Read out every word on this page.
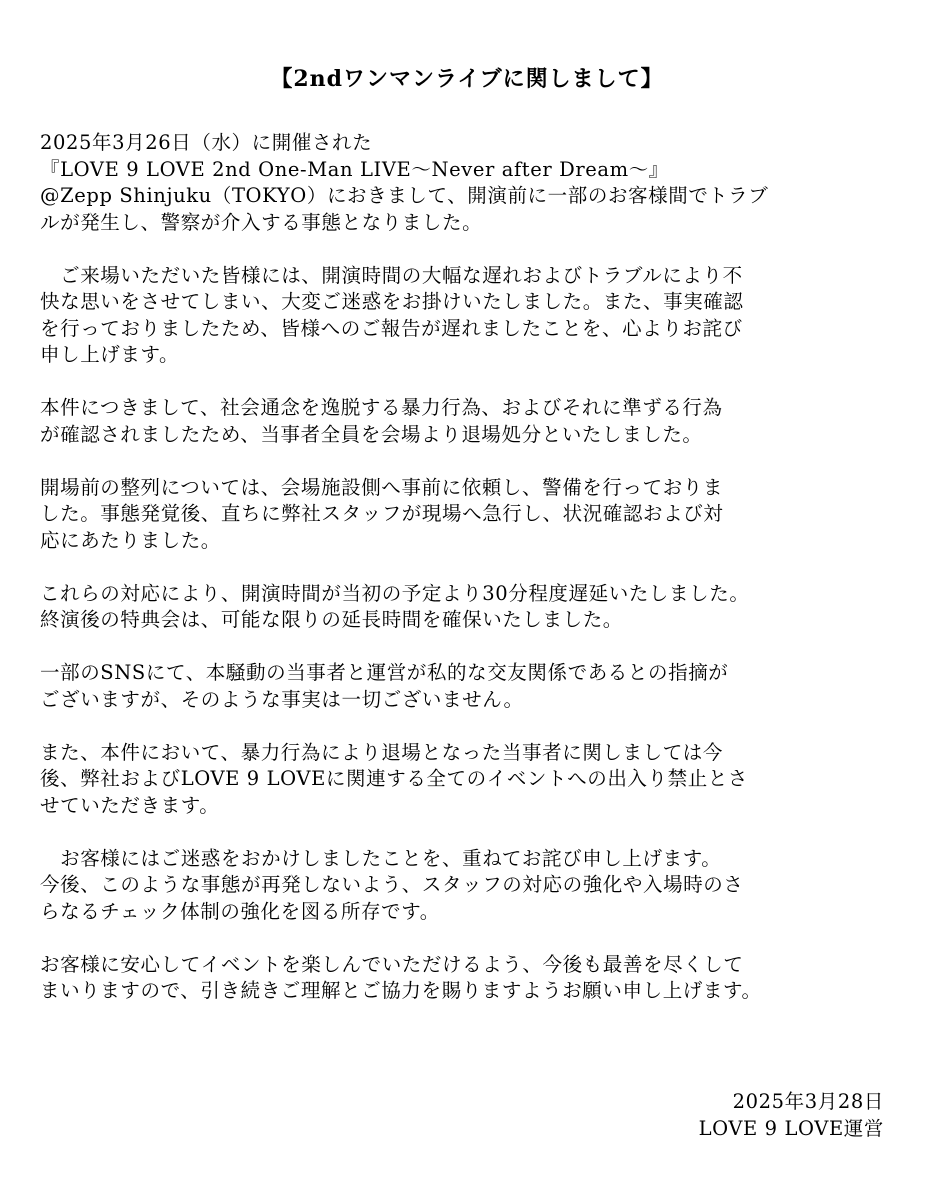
【2ndワンマンライブに関しまして】

2025年3月26日（水）に開催された
『LOVE 9 LOVE 2nd One-Man LIVE～Never after Dream～』
@Zepp Shinjuku（TOKYO）におきまして、開演前に一部のお客様間でトラブ
ルが発生し、警察が介入する事態となりました。

　ご来場いただいた皆様には、開演時間の大幅な遅れおよびトラブルにより不
快な思いをさせてしまい、大変ご迷惑をお掛けいたしました。また、事実確認
を行っておりましたため、皆様へのご報告が遅れましたことを、心よりお詫び
申し上げます。

本件につきまして、社会通念を逸脱する暴力行為、およびそれに準ずる行為
が確認されましたため、当事者全員を会場より退場処分といたしました。

開場前の整列については、会場施設側へ事前に依頼し、警備を行っておりま
した。事態発覚後、直ちに弊社スタッフが現場へ急行し、状況確認および対
応にあたりました。

これらの対応により、開演時間が当初の予定より30分程度遅延いたしました。
終演後の特典会は、可能な限りの延長時間を確保いたしました。

一部のSNSにて、本騒動の当事者と運営が私的な交友関係であるとの指摘が
ございますが、そのような事実は一切ございません。

また、本件において、暴力行為により退場となった当事者に関しましては今
後、弊社およびLOVE 9 LOVEに関連する全てのイベントへの出入り禁止とさ
せていただきます。

　お客様にはご迷惑をおかけしましたことを、重ねてお詫び申し上げます。
今後、このような事態が再発しないよう、スタッフの対応の強化や入場時のさ
らなるチェック体制の強化を図る所存です。

お客様に安心してイベントを楽しんでいただけるよう、今後も最善を尽くして
まいりますので、引き続きご理解とご協力を賜りますようお願い申し上げます。

2025年3月28日
LOVE 9 LOVE運営
